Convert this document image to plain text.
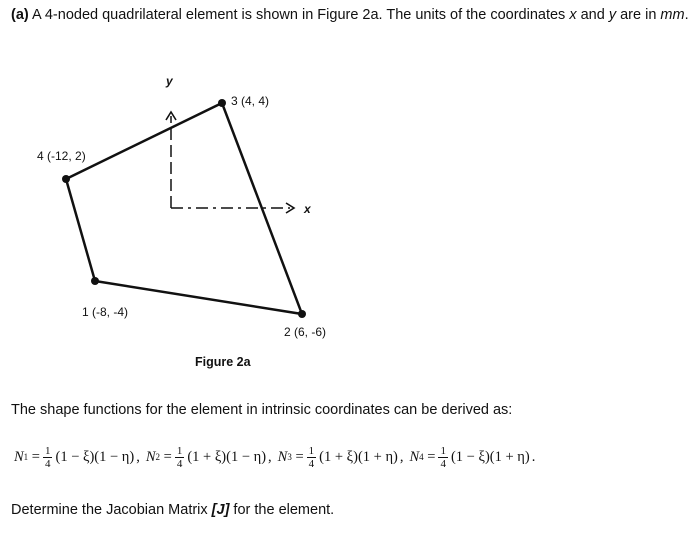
(a) A 4-noded quadrilateral element is shown in Figure 2a. The units of the coordinates x and y are in mm.
y
x
3 (4, 4)
4 (-12, 2)
1 (-8, -4)
2 (6, -6)
Figure 2a
The shape functions for the element in intrinsic coordinates can be derived as:
N $1 = \frac{1}{4} (1 - \xi)(1 - \eta)$ , N $2 = \frac{1}{4} (1 + \xi)(1 - \eta)$ , N $3 = \frac{1}{4} (1 + \xi)(1 + \eta)$ , N $4 = \frac{1}{4} (1 - \xi)(1 + \eta)$ .
Determine the Jacobian Matrix [J] for the element.
